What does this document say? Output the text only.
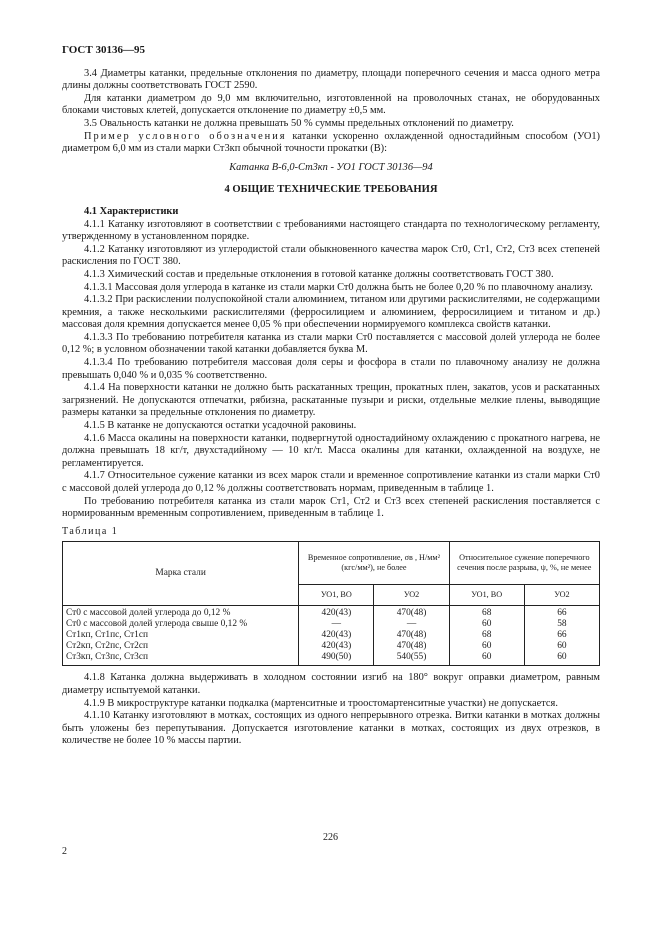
ГОСТ 30136—95

3.4 Диаметры катанки, предельные отклонения по диаметру, площади поперечного сечения и масса одного метра длины должны соответствовать ГОСТ 2590.

Для катанки диаметром до 9,0 мм включительно, изготовленной на проволочных станах, не оборудованных блоками чистовых клетей, допускается отклонение по диаметру ±0,5 мм.

3.5 Овальность катанки не должна превышать 50 % суммы предельных отклонений по диаметру.

Пример условного обозначения катанки ускоренно охлажденной одностадийным способом (УО1) диаметром 6,0 мм из стали марки Ст3кп обычной точности прокатки (В):

Катанка В-6,0-Ст3кп - УО1 ГОСТ 30136—94
4 ОБЩИЕ ТЕХНИЧЕСКИЕ ТРЕБОВАНИЯ

4.1 Характеристики

4.1.1 Катанку изготовляют в соответствии с требованиями настоящего стандарта по технологическому регламенту, утвержденному в установленном порядке.

4.1.2 Катанку изготовляют из углеродистой стали обыкновенного качества марок Ст0, Ст1, Ст2, Ст3 всех степеней раскисления по ГОСТ 380.

4.1.3 Химический состав и предельные отклонения в готовой катанке должны соответствовать ГОСТ 380.

4.1.3.1 Массовая доля углерода в катанке из стали марки Ст0 должна быть не более 0,20 % по плавочному анализу.

4.1.3.2 При раскислении полуспокойной стали алюминием, титаном или другими раскислителями, не содержащими кремния, а также несколькими раскислителями (ферросилицием и алюминием, ферросилицием и титаном и др.) массовая доля кремния допускается менее 0,05 % при обеспечении нормируемого комплекса свойств катанки.

4.1.3.3 По требованию потребителя катанка из стали марки Ст0 поставляется с массовой долей углерода не более 0,12 %; в условном обозначении такой катанки добавляется буква М.

4.1.3.4 По требованию потребителя массовая доля серы и фосфора в стали по плавочному анализу не должна превышать 0,040 % и 0,035 % соответственно.

4.1.4 На поверхности катанки не должно быть раскатанных трещин, прокатных плен, закатов, усов и раскатанных загрязнений. Не допускаются отпечатки, рябизна, раскатанные пузыри и риски, отдельные мелкие плены, выводящие размеры катанки за предельные отклонения по диаметру.

4.1.5 В катанке не допускаются остатки усадочной раковины.

4.1.6 Масса окалины на поверхности катанки, подвергнутой одностадийному охлаждению с прокатного нагрева, не должна превышать 18 кг/т, двухстадийному — 10 кг/т. Масса окалины для катанки, охлажденной на воздухе, не регламентируется.

4.1.7 Относительное сужение катанки из всех марок стали и временное сопротивление катанки из стали марки Ст0 с массовой долей углерода до 0,12 % должны соответствовать нормам, приведенным в таблице 1.

По требованию потребителя катанка из стали марок Ст1, Ст2 и Ст3 всех степеней раскисления поставляется с нормированным временным сопротивлением, приведенным в таблице 1.

Таблица 1
Марка стали	Временное сопротивление, σв , Н/мм² (кгс/мм²), не более		Относительное сужение поперечного сечения после разрыва, ψ, %, не менее	
	УО1, ВО	УО2	УО1, ВО	УО2
Ст0 с массовой долей углерода до 0,12 %	420(43)	470(48)	68	66
Ст0 с массовой долей углерода свыше 0,12 %	—	—	60	58
Ст1кп, Ст1пс, Ст1сп	420(43)	470(48)	68	66
Ст2кп, Ст2пс, Ст2сп	420(43)	470(48)	60	60
Ст3кп, Ст3пс, Ст3сп	490(50)	540(55)	60	60

4.1.8 Катанка должна выдерживать в холодном состоянии изгиб на 180° вокруг оправки диаметром, равным диаметру испытуемой катанки.

4.1.9 В микроструктуре катанки подкалка (мартенситные и трооcтомартенситные участки) не допускается.

4.1.10 Катанку изготовляют в мотках, состоящих из одного непрерывного отрезка. Витки катанки в мотках должны быть уложены без перепутывания. Допускается изготовление катанки в мотках, состоящих из двух отрезков, в количестве не более 10 % массы партии.

226
2
